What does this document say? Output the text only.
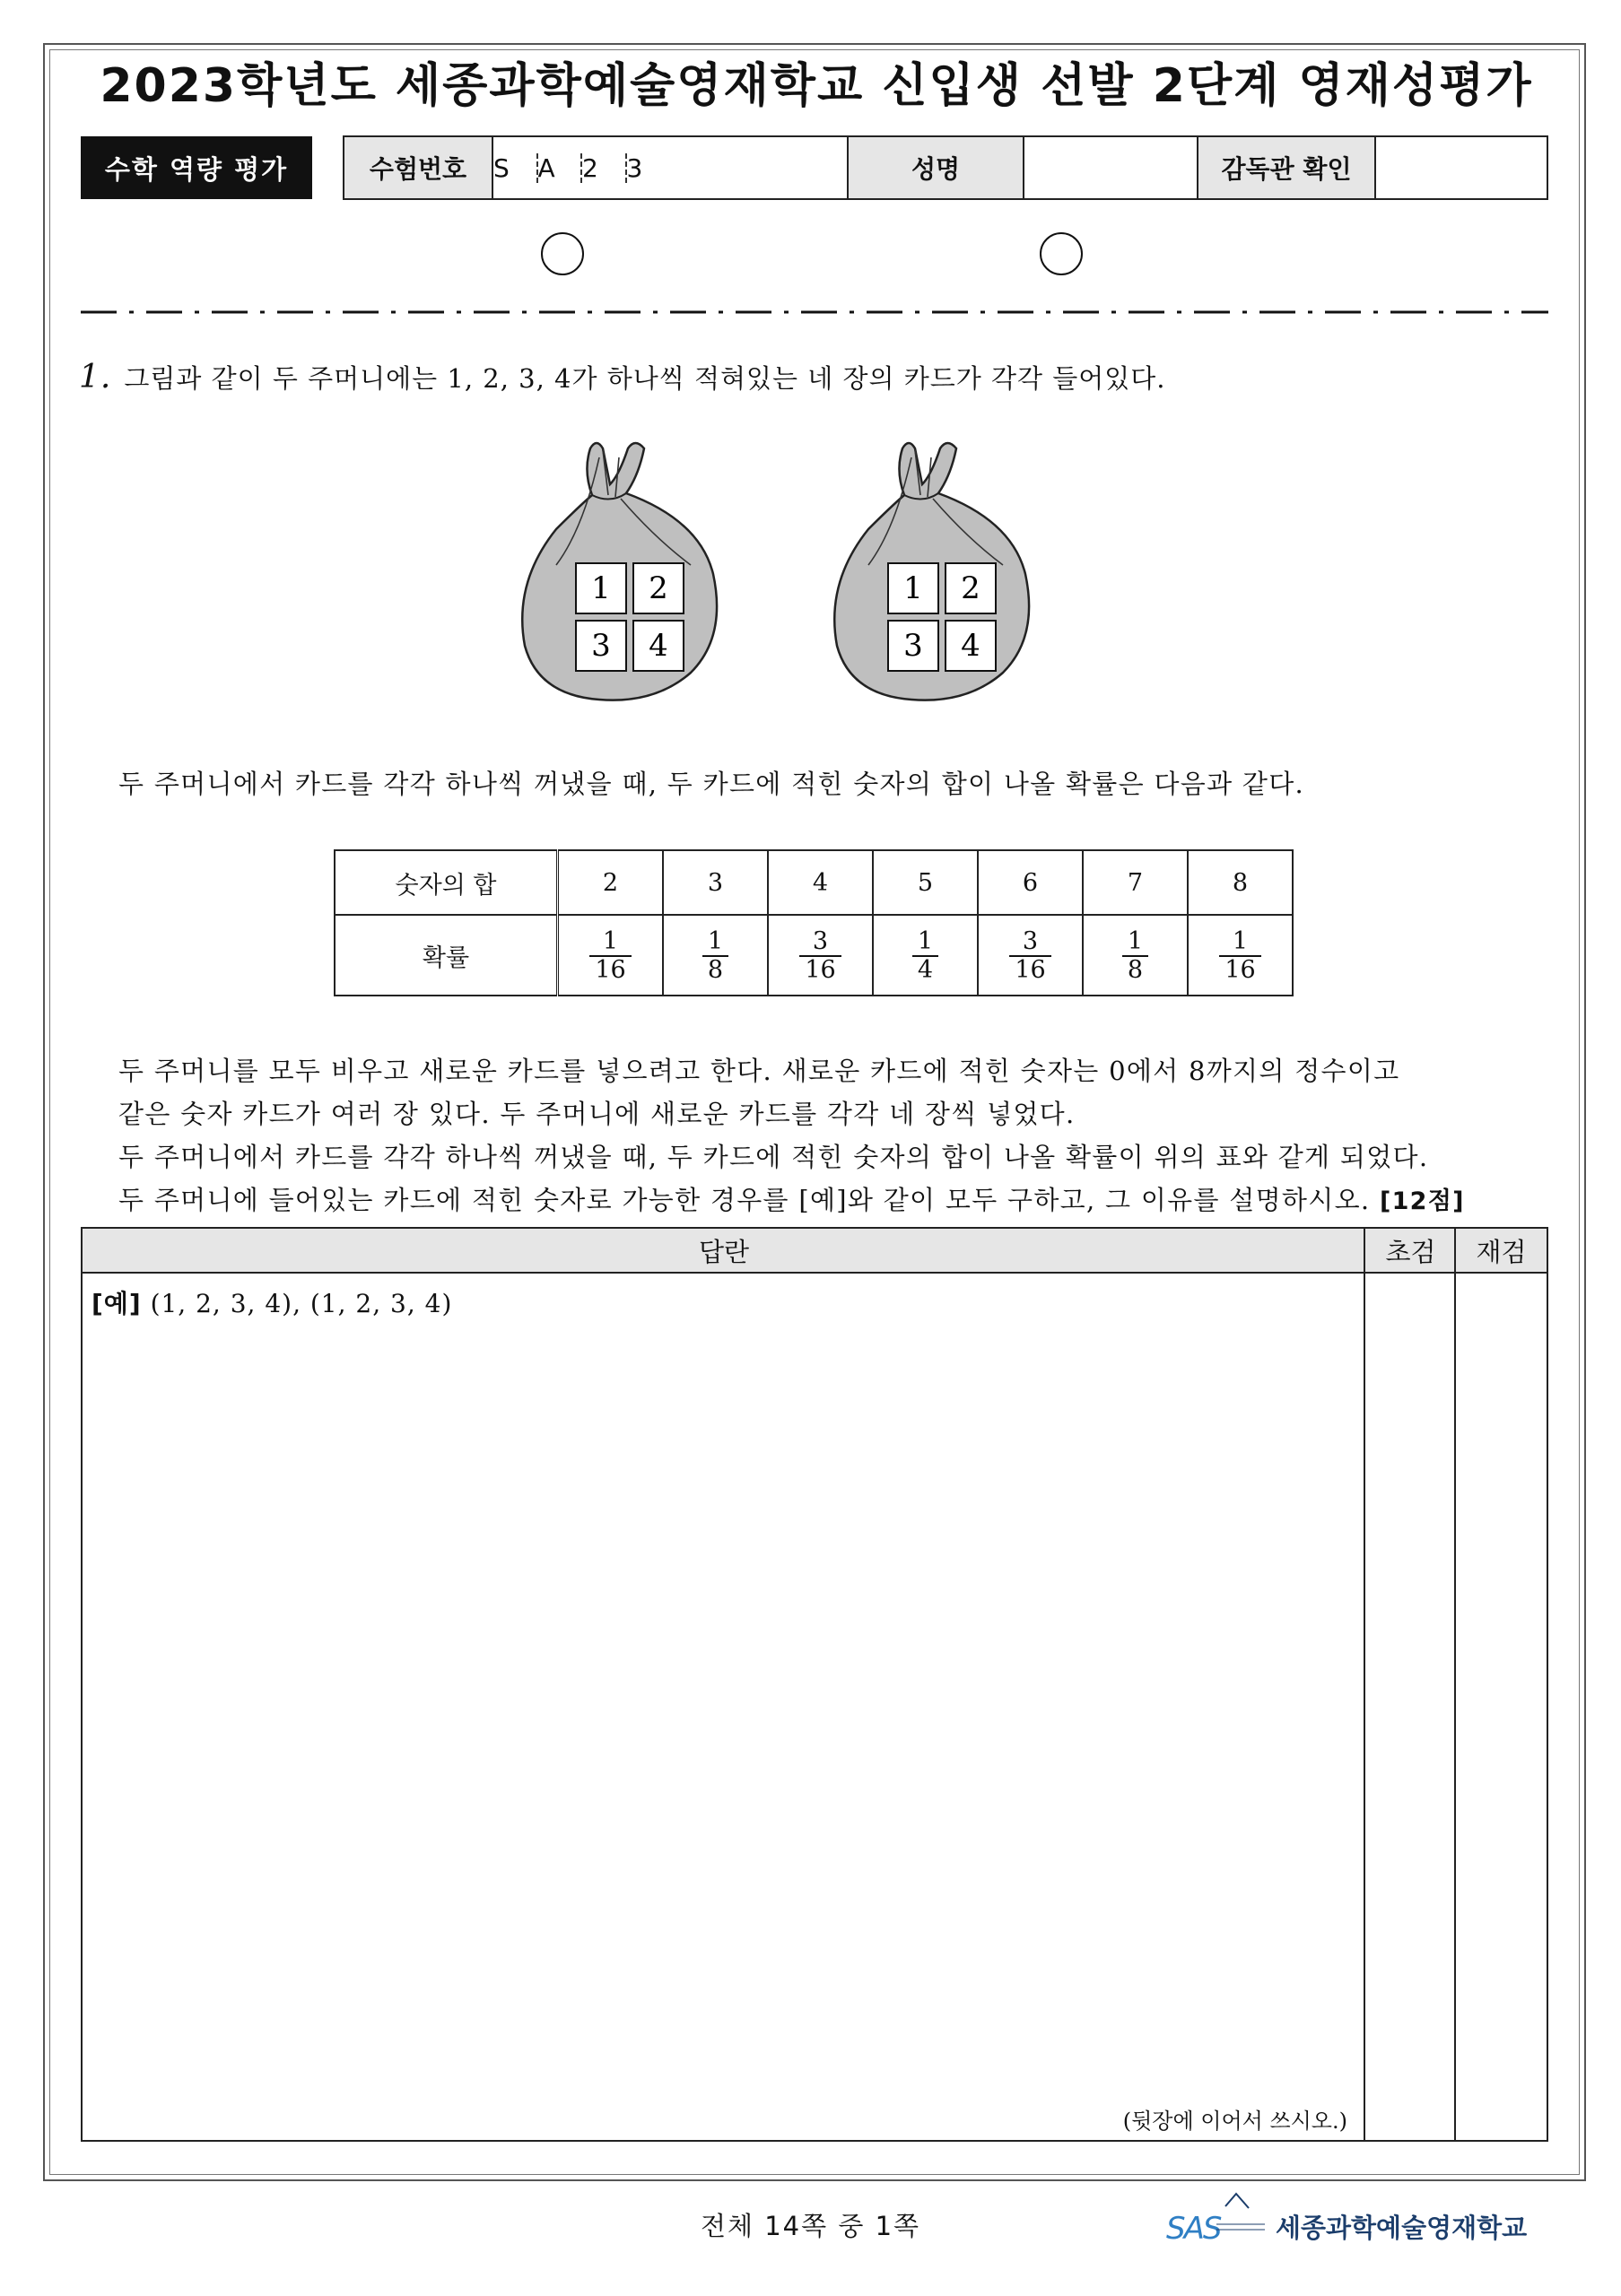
2023학년도 세종과학예술영재학교 신입생 선발 2단계 영재성평가
수학 역량 평가	수험번호	S	A	2	3	성명	감독관 확인
1. 그림과 같이 두 주머니에는 1, 2, 3, 4가 하나씩 적혀있는 네 장의 카드가 각각 들어있다.
1 2
3 4
1 2
3 4
두 주머니에서 카드를 각각 하나씩 꺼냈을 때, 두 카드에 적힌 숫자의 합이 나올 확률은 다음과 같다.
숫자의 합	2	3	4	5	6	7	8
확률	$\frac{1}{16}$	$\frac{1}{8}$	$\frac{3}{16}$	$\frac{1}{4}$	$\frac{3}{16}$	$\frac{1}{8}$	$\frac{1}{16}$
두 주머니를 모두 비우고 새로운 카드를 넣으려고 한다. 새로운 카드에 적힌 숫자는 0에서 8까지의 정수이고
같은 숫자 카드가 여러 장 있다. 두 주머니에 새로운 카드를 각각 네 장씩 넣었다.
두 주머니에서 카드를 각각 하나씩 꺼냈을 때, 두 카드에 적힌 숫자의 합이 나올 확률이 위의 표와 같게 되었다.
두 주머니에 들어있는 카드에 적힌 숫자로 가능한 경우를 [예]와 같이 모두 구하고, 그 이유를 설명하시오. [12점]
답란	초검	재검
[예] (1, 2, 3, 4), (1, 2, 3, 4)
(뒷장에 이어서 쓰시오.)
전체 14쪽 중 1쪽	SAS 세종과학예술영재학교
